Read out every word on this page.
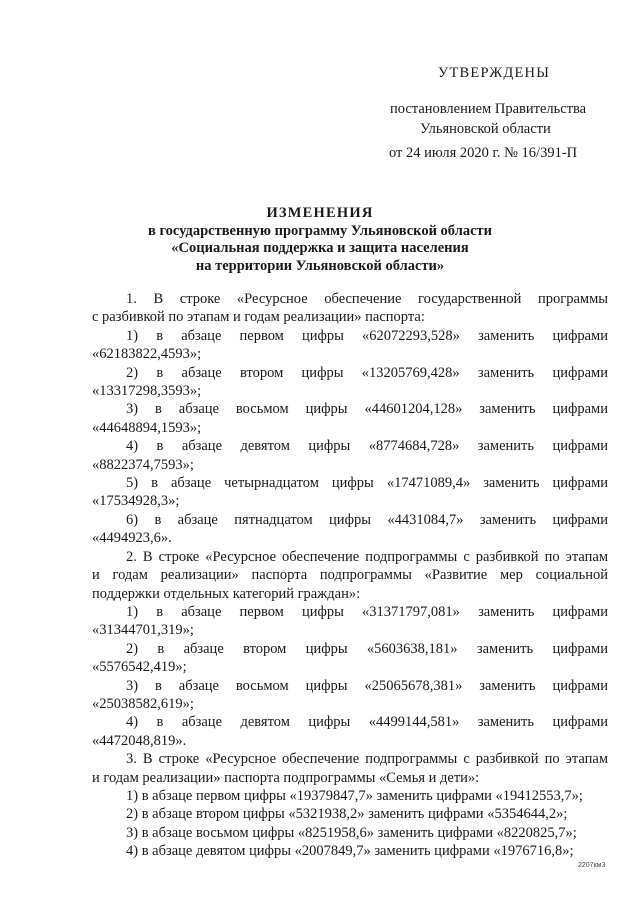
УТВЕРЖДЕНЫ
постановлением Правительства
Ульяновской области
от 24 июля 2020 г. № 16/391-П
ИЗМЕНЕНИЯ
в государственную программу Ульяновской области
«Социальная поддержка и защита населения
на территории Ульяновской области»

1. В строке «Ресурсное обеспечение государственной программы

с разбивкой по этапам и годам реализации» паспорта:

1) в абзаце первом цифры «62072293,528» заменить цифрами

«62183822,4593»;

2) в абзаце втором цифры «13205769,428» заменить цифрами

«13317298,3593»;

3) в абзаце восьмом цифры «44601204,128» заменить цифрами

«44648894,1593»;

4) в абзаце девятом цифры «8774684,728» заменить цифрами

«8822374,7593»;

5) в абзаце четырнадцатом цифры «17471089,4» заменить цифрами

«17534928,3»;

6) в абзаце пятнадцатом цифры «4431084,7» заменить цифрами

«4494923,6».

2. В строке «Ресурсное обеспечение подпрограммы с разбивкой по этапам

и годам реализации» паспорта подпрограммы «Развитие мер социальной

поддержки отдельных категорий граждан»:

1) в абзаце первом цифры «31371797,081» заменить цифрами

«31344701,319»;

2) в абзаце втором цифры «5603638,181» заменить цифрами

«5576542,419»;

3) в абзаце восьмом цифры «25065678,381» заменить цифрами

«25038582,619»;

4) в абзаце девятом цифры «4499144,581» заменить цифрами

«4472048,819».

3. В строке «Ресурсное обеспечение подпрограммы с разбивкой по этапам

и годам реализации» паспорта подпрограммы «Семья и дети»:

1) в абзаце первом цифры «19379847,7» заменить цифрами «19412553,7»;

2) в абзаце втором цифры «5321938,2» заменить цифрами «5354644,2»;

3) в абзаце восьмом цифры «8251958,6» заменить цифрами «8220825,7»;

4) в абзаце девятом цифры «2007849,7» заменить цифрами «1976716,8»;

2207км3
